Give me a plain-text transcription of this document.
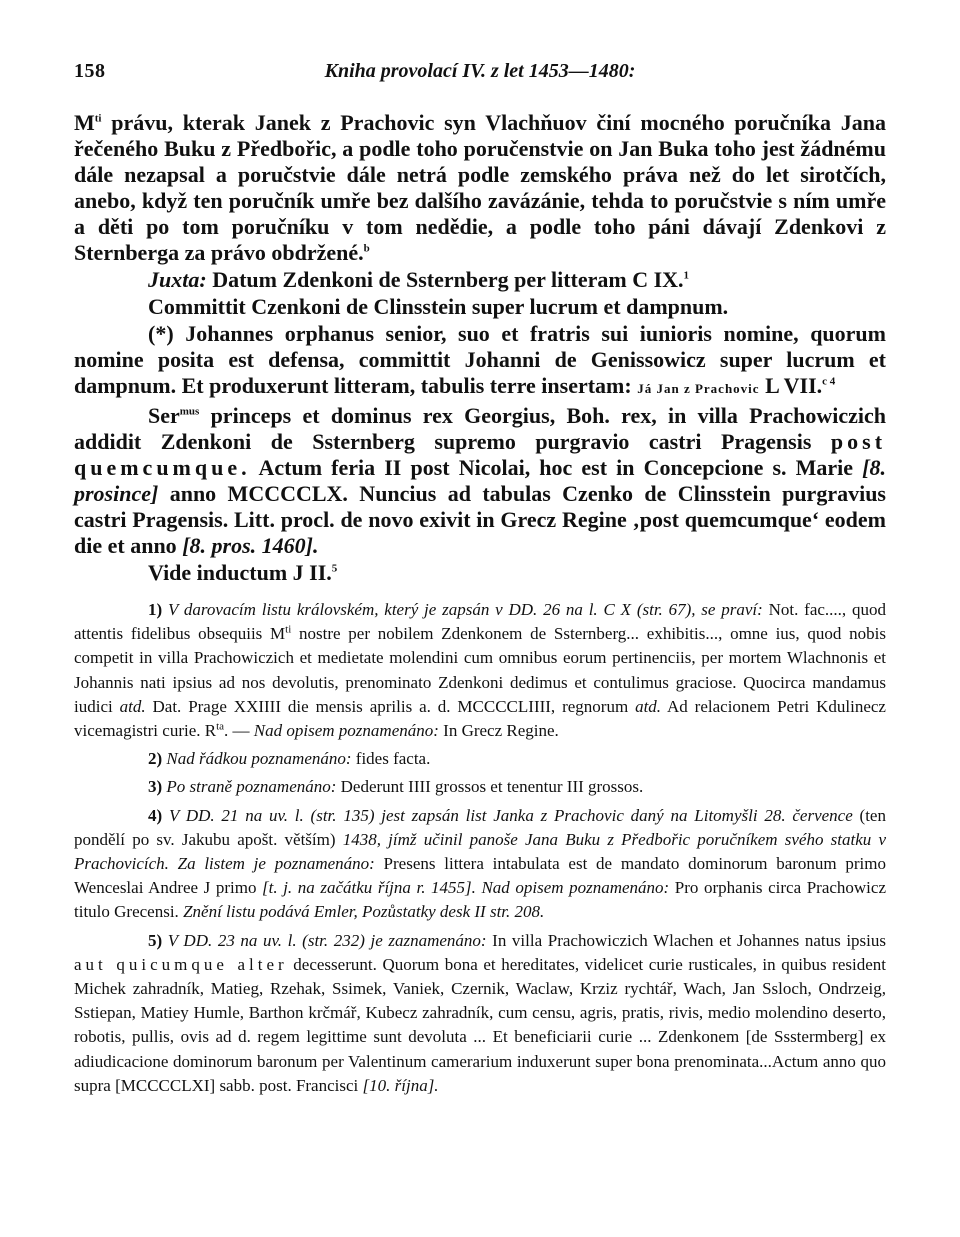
158	Kniha provolací IV. z let 1453—1480:

$M^{ti}$ právu, kterak Janek z Prachovic syn Vlachňuov činí mocného poručníka Jana řečeného Buku z Předbořic, a podle toho poručenstvie on Jan Buka toho jest žádnému dále nezapsal a poručstvie dále netrá podle zemského práva než do let sirotčích, anebo, když ten poručník umře bez dalšího zavázánie, tehda to poručstvie s ním umře a děti po tom poručníku v tom nedědie, a podle toho páni dávají Zdenkovi z Sternberga za právo obdržené.$^b$

Juxta: Datum Zdenkoni de Ssternberg per litteram C IX.$^1$

Committit Czenkoni de Clinsstein super lucrum et dampnum.

(*) Johannes orphanus senior, suo et fratris sui iunioris nomine, quorum nomine posita est defensa, committit Johanni de Genissowicz super lucrum et dampnum. Et produxerunt litteram, tabulis terre insertam: Já Jan z Prachovic L VII.$^{c 4}$

Ser$^{mus}$ princeps et dominus rex Georgius, Boh. rex, in villa Prachowiczich addidit Zdenkoni de Ssternberg supremo purgravio castri Pragensis post quemcumque. Actum feria II post Nicolai, hoc est in Concepcione s. Marie [8. prosince] anno MCCCCLX. Nuncius ad tabulas Czenko de Clinsstein purgravius castri Pragensis. Litt. procl. de novo exivit in Grecz Regine ‚post quemcumque‘ eodem die et anno [8. pros. 1460].

Vide inductum J II.$^5$

1) V darovacím listu královském, který je zapsán v DD. 26 na l. C X (str. 67), se praví: Not. fac...., quod attentis fidelibus obsequiis $M^{ti}$ nostre per nobilem Zdenkonem de Ssternberg... exhibitis..., omne ius, quod nobis competit in villa Prachowiczich et medietate molendini cum omnibus eorum pertinenciis, per mortem Wlachnonis et Johannis nati ipsius ad nos devolutis, prenominato Zdenkoni dedimus et contulimus graciose. Quocirca mandamus iudici atd. Dat. Prage XXIIII die mensis aprilis a. d. MCCCCLIIII, regnorum atd. Ad relacionem Petri Kdulinecz vicemagistri curie. $R^{ta}$. — Nad opisem poznamenáno: In Grecz Regine.

2) Nad řádkou poznamenáno: fides facta.

3) Po straně poznamenáno: Dederunt IIII grossos et tenentur III grossos.

4) V DD. 21 na uv. l. (str. 135) jest zapsán list Janka z Prachovic daný na Litomyšli 28. července (ten pondělí po sv. Jakubu apošt. větším) 1438, jímž učinil panoše Jana Buku z Předbořic poručníkem svého statku v Prachovicích. Za listem je poznamenáno: Presens littera intabulata est de mandato dominorum baronum primo Wenceslai Andree J primo [t. j. na začátku října r. 1455]. Nad opisem poznamenáno: Pro orphanis circa Prachowicz titulo Grecensi. Znění listu podává Emler, Pozůstatky desk II str. 208.

5) V DD. 23 na uv. l. (str. 232) je zaznamenáno: In villa Prachowiczich Wlachen et Johannes natus ipsius aut quicumque alter decesserunt. Quorum bona et hereditates, videlicet curie rusticales, in quibus resident Michek zahradník, Matieg, Rzehak, Ssimek, Vaniek, Czernik, Waclaw, Krziz rychtář, Wach, Jan Ssloch, Ondrzeig, Sstiepan, Matiey Humle, Barthon krčmář, Kubecz zahradník, cum censu, agris, pratis, rivis, medio molendino deserto, robotis, pullis, ovis ad d. regem legittime sunt devoluta ... Et beneficiarii curie ... Zdenkonem [de Ssstermberg] ex adiudicacione dominorum baronum per Valentinum camerarium induxerunt super bona prenominata...Actum anno quo supra [MCCCCLXI] sabb. post. Francisci [10. října].
